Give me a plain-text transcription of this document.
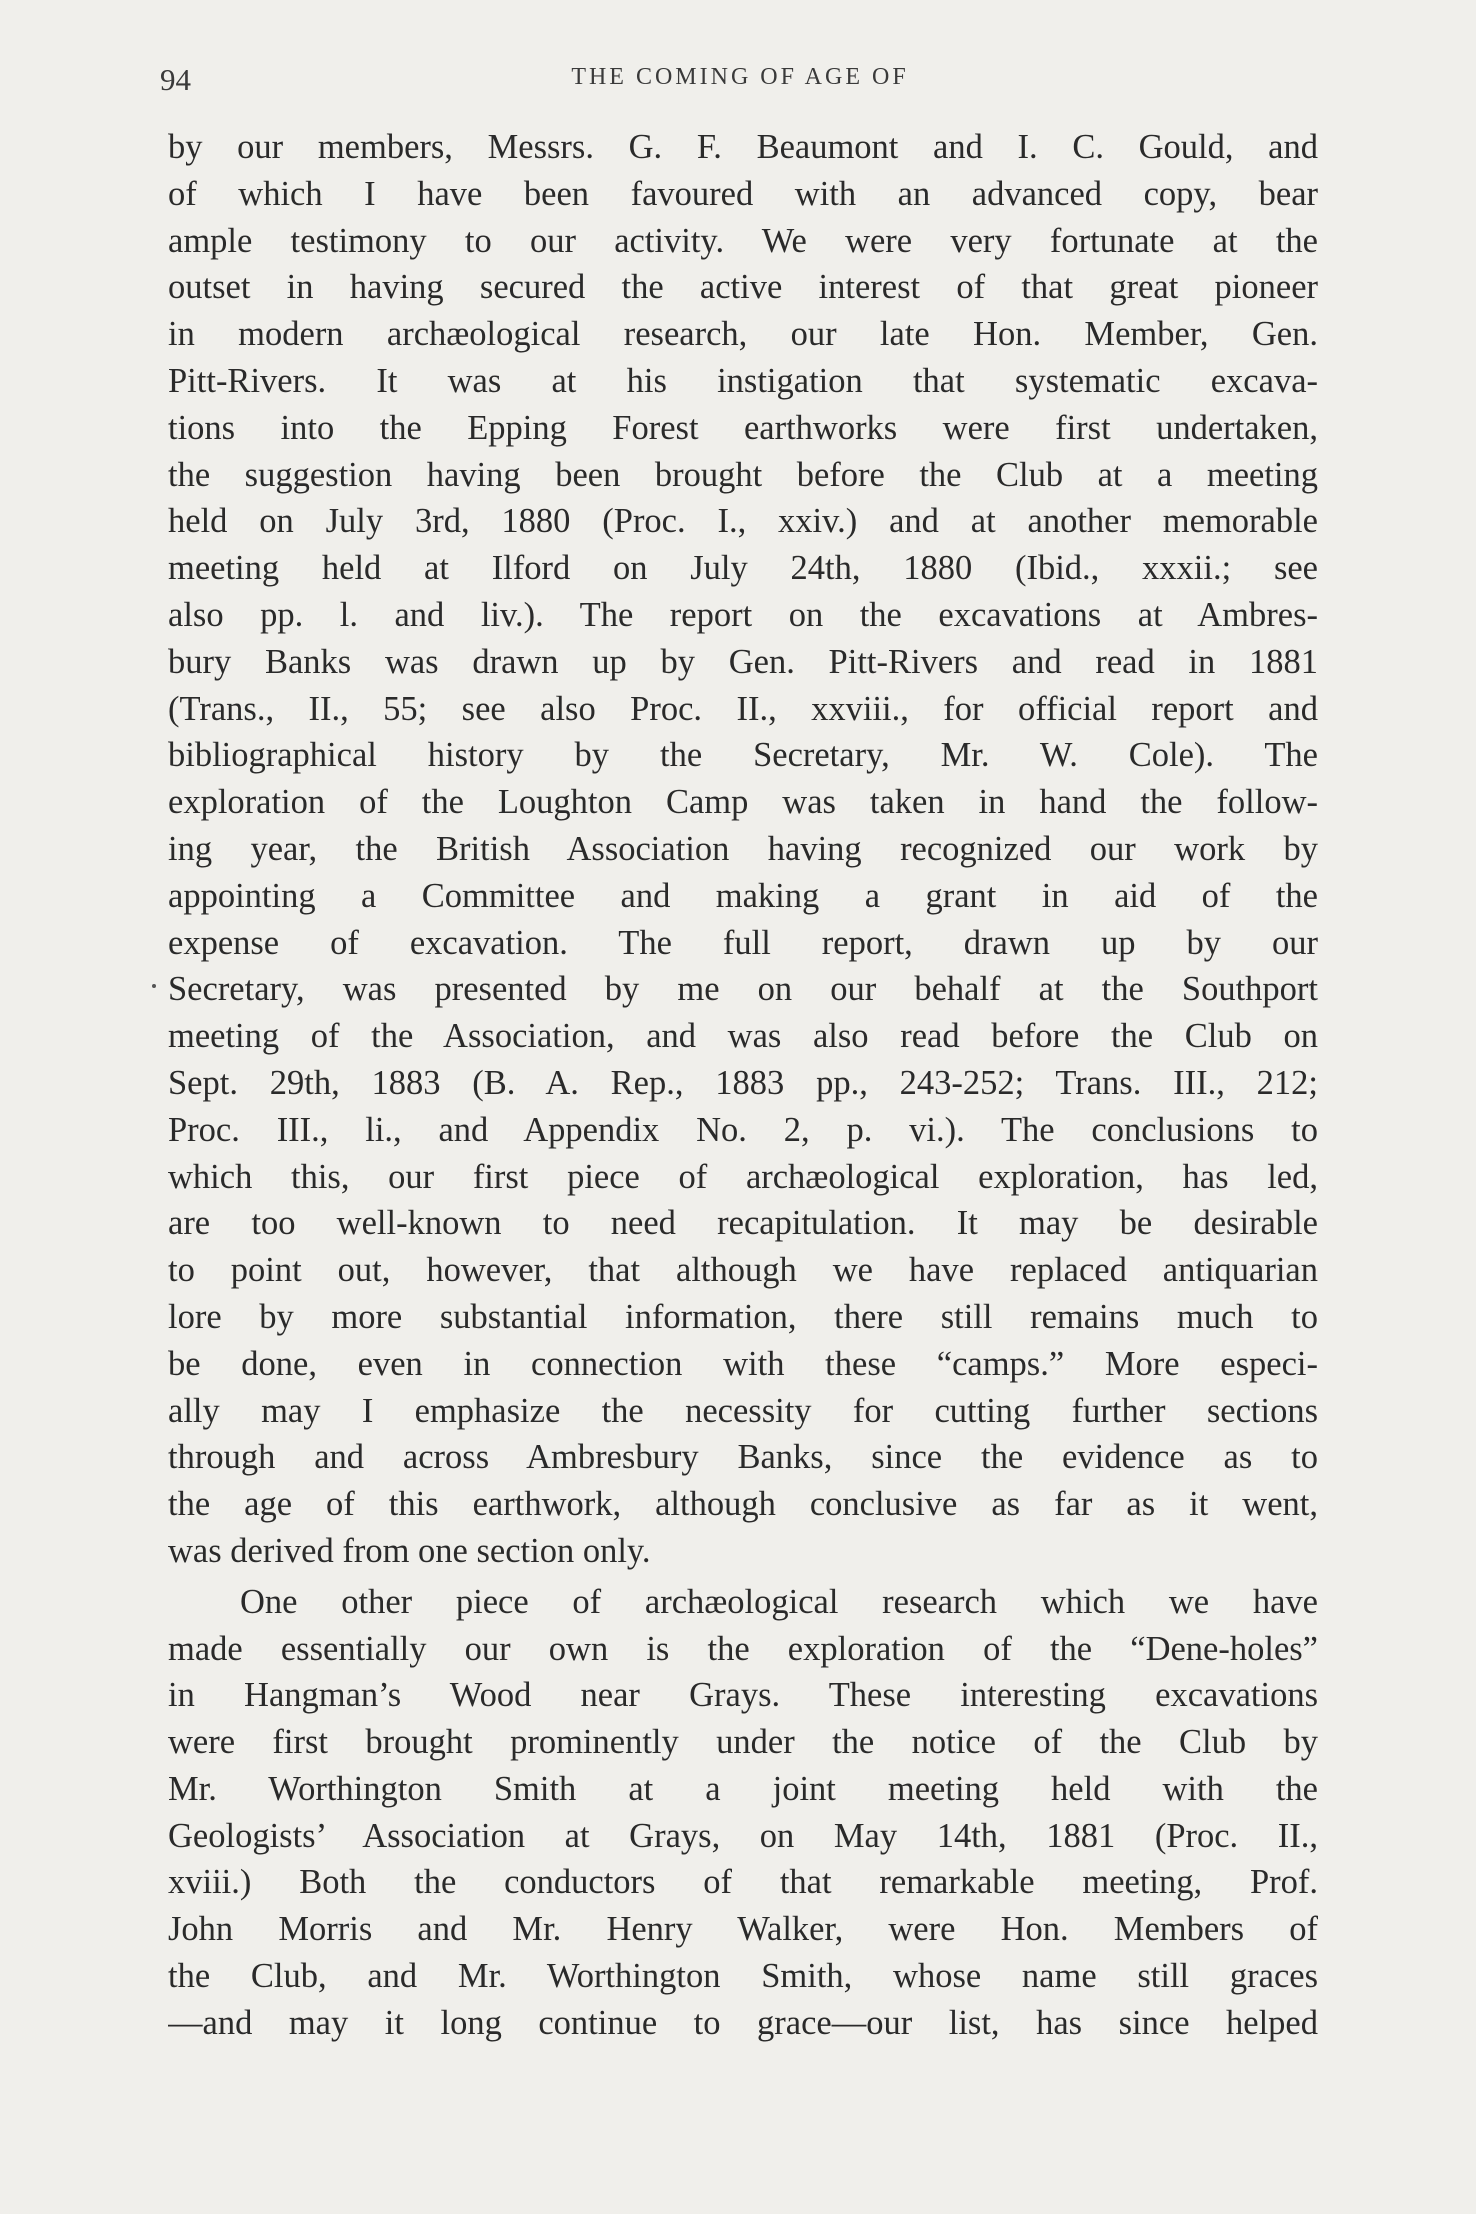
94	THE COMING OF AGE OF
by our members, Messrs. G. F. Beaumont and I. C. Gould, and
of which I have been favoured with an advanced copy, bear
ample testimony to our activity. We were very fortunate at the
outset in having secured the active interest of that great pioneer
in modern archæological research, our late Hon. Member, Gen.
Pitt-Rivers. It was at his instigation that systematic excava-
tions into the Epping Forest earthworks were first undertaken,
the suggestion having been brought before the Club at a meeting
held on July 3rd, 1880 (Proc. I., xxiv.) and at another memorable
meeting held at Ilford on July 24th, 1880 (Ibid., xxxii.; see
also pp. l. and liv.). The report on the excavations at Ambres-
bury Banks was drawn up by Gen. Pitt-Rivers and read in 1881
(Trans., II., 55; see also Proc. II., xxviii., for official report and
bibliographical history by the Secretary, Mr. W. Cole). The
exploration of the Loughton Camp was taken in hand the follow-
ing year, the British Association having recognized our work by
appointing a Committee and making a grant in aid of the
expense of excavation. The full report, drawn up by our
Secretary, was presented by me on our behalf at the Southport
meeting of the Association, and was also read before the Club on
Sept. 29th, 1883 (B. A. Rep., 1883 pp., 243-252; Trans. III., 212;
Proc. III., li., and Appendix No. 2, p. vi.). The conclusions to
which this, our first piece of archæological exploration, has led,
are too well-known to need recapitulation. It may be desirable
to point out, however, that although we have replaced antiquarian
lore by more substantial information, there still remains much to
be done, even in connection with these “camps.” More especi-
ally may I emphasize the necessity for cutting further sections
through and across Ambresbury Banks, since the evidence as to
the age of this earthwork, although conclusive as far as it went,
was derived from one section only.
One other piece of archæological research which we have
made essentially our own is the exploration of the “Dene-holes”
in Hangman’s Wood near Grays. These interesting excavations
were first brought prominently under the notice of the Club by
Mr. Worthington Smith at a joint meeting held with the
Geologists’ Association at Grays, on May 14th, 1881 (Proc. II.,
xviii.) Both the conductors of that remarkable meeting, Prof.
John Morris and Mr. Henry Walker, were Hon. Members of
the Club, and Mr. Worthington Smith, whose name still graces
—and may it long continue to grace—our list, has since helped
